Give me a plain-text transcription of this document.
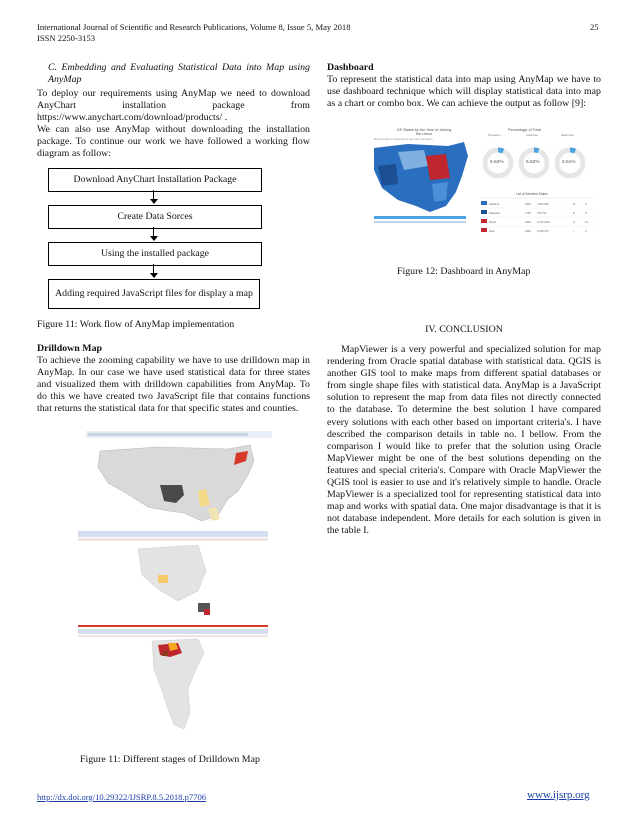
International Journal of Scientific and Research Publications, Volume 8, Issue 5, May 2018
ISSN 2250-3153
25
C. Embedding and Evaluating Statistical Data into Map using AnyMap
To deploy our requirements using AnyMap we need to download AnyChart installation package from https://www.anychart.com/download/products/ .
We can also use AnyMap without downloading the installation package. To continue our work we have followed a working flow diagram as follow:
Download AnyChart Installation Package
Create Data Sorces
Using the installed package
Adding required JavaScript files for display a map
Figure 11: Work flow of AnyMap implementation
Drilldown Map
To achieve the zooming capability we have to use drilldown map in AnyMap. In our case we have used statistical data for three states and visualized them with drilldown capabilities from AnyMap. To do this we have created two JavaScript file that contains functions that returns the statistical data for that specific states and counties.
Figure 11: Different stages of Drilldown Map
Dashboard
To represent the statistical data into map using AnyMap we have to use dashboard technique which will display statistical data into map as a chart or combo box. We can achieve the output as follow [9]:
US States by the Year of Joining the Union
Pick one state or a timespan to see more information
Percentage of Total
Population	Land Area	Water Area
6.62%	5.62%	6.51%
List of Selected States
Alabama	1819	4,903,185	M	4
Delaware	1787	973,764	D	8
Illinois	1818	12,671,821	IL	21
Iowa	1846	3,155,070	I	4
Figure 12: Dashboard in AnyMap
IV. CONCLUSION
MapViewer is a very powerful and specialized solution for map rendering from Oracle spatial database with statistical data. QGIS is another GIS tool to make maps from different spatial databases or from single shape files with statistical data. AnyMap is a JavaScript solution to represent the map from data files not directly connected to the database. To determine the best solution I have compared every solutions with each other based on important criteria's. I have described the comparison details in table no. I bellow. From the comparison I would like to prefer that the solution using Oracle MapViewer might be one of the best solutions depending on the features and special criteria's. Compare with Oracle MapViewer the QGIS tool is easier to use and it's relatively simple to handle. Oracle MapViewer is a specialized tool for representing statistical data into map and works with spatial data. One major disadvantage is that it is not database independent. More details for each solution is given in the table I.
http://dx.doi.org/10.29322/IJSRP.8.5.2018.p7706	www.ijsrp.org
